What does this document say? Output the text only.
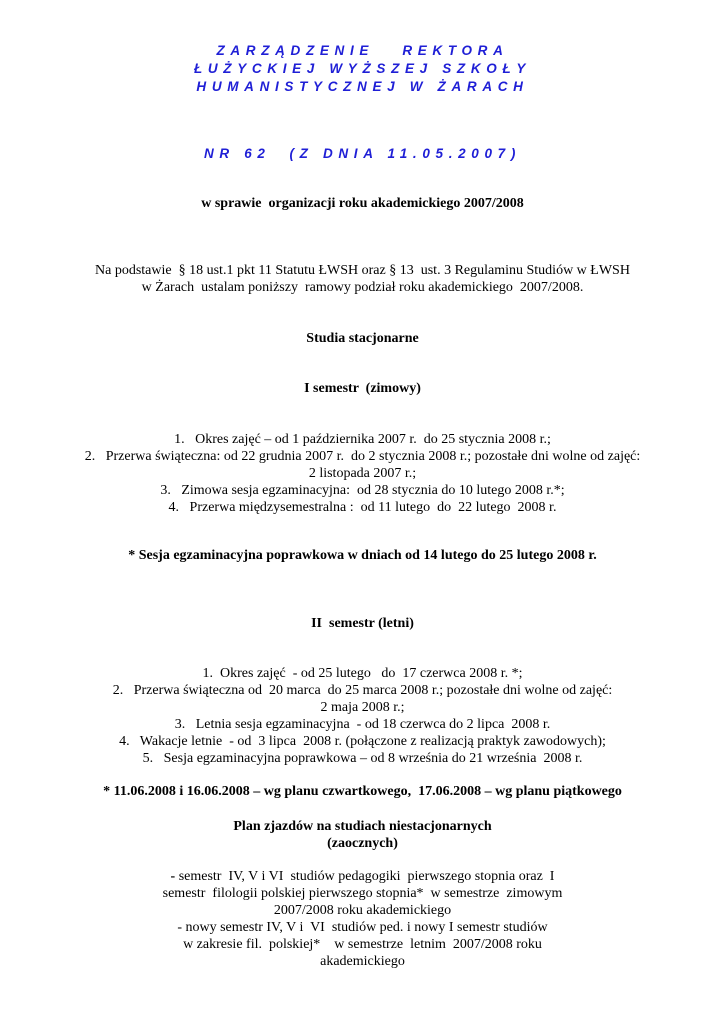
ZARZĄDZENIE   REKTORA
ŁUŻYCKIEJ WYŻSZEJ SZKOŁY
HUMANISTYCZNEJ W ŻARACH
NR 62  (Z DNIA 11.05.2007)
w sprawie  organizacji roku akademickiego 2007/2008
Na podstawie  § 18 ust.1 pkt 11 Statutu ŁWSH oraz § 13  ust. 3 Regulaminu Studiów w ŁWSH
w Żarach  ustalam poniższy  ramowy podział roku akademickiego  2007/2008.
Studia stacjonarne
I semestr  (zimowy)
1.   Okres zajęć – od 1 października 2007 r.  do 25 stycznia 2008 r.;
2.   Przerwa świąteczna: od 22 grudnia 2007 r.  do 2 stycznia 2008 r.; pozostałe dni wolne od zajęć:
2 listopada 2007 r.;
3.   Zimowa sesja egzaminacyjna:  od 28 stycznia do 10 lutego 2008 r.*;
4.   Przerwa międzysemestralna :  od 11 lutego  do  22 lutego  2008 r.
* Sesja egzaminacyjna poprawkowa w dniach od 14 lutego do 25 lutego 2008 r.
II  semestr (letni)
1.  Okres zajęć  - od 25 lutego   do  17 czerwca 2008 r. *;
2.   Przerwa świąteczna od  20 marca  do 25 marca 2008 r.; pozostałe dni wolne od zajęć:
2 maja 2008 r.;
3.   Letnia sesja egzaminacyjna  - od 18 czerwca do 2 lipca  2008 r.
4.   Wakacje letnie  - od  3 lipca  2008 r. (połączone z realizacją praktyk zawodowych);
5.   Sesja egzaminacyjna poprawkowa – od 8 września do 21 września  2008 r.
* 11.06.2008 i 16.06.2008 – wg planu czwartkowego,  17.06.2008 – wg planu piątkowego
Plan zjazdów na studiach niestacjonarnych
(zaocznych)
- semestr  IV, V i VI  studiów pedagogiki  pierwszego stopnia oraz  I
semestr  filologii polskiej pierwszego stopnia*  w semestrze  zimowym
2007/2008 roku akademickiego
- nowy semestr IV, V i  VI  studiów ped. i nowy I semestr studiów
w zakresie fil.  polskiej*    w semestrze  letnim  2007/2008 roku
akademickiego
